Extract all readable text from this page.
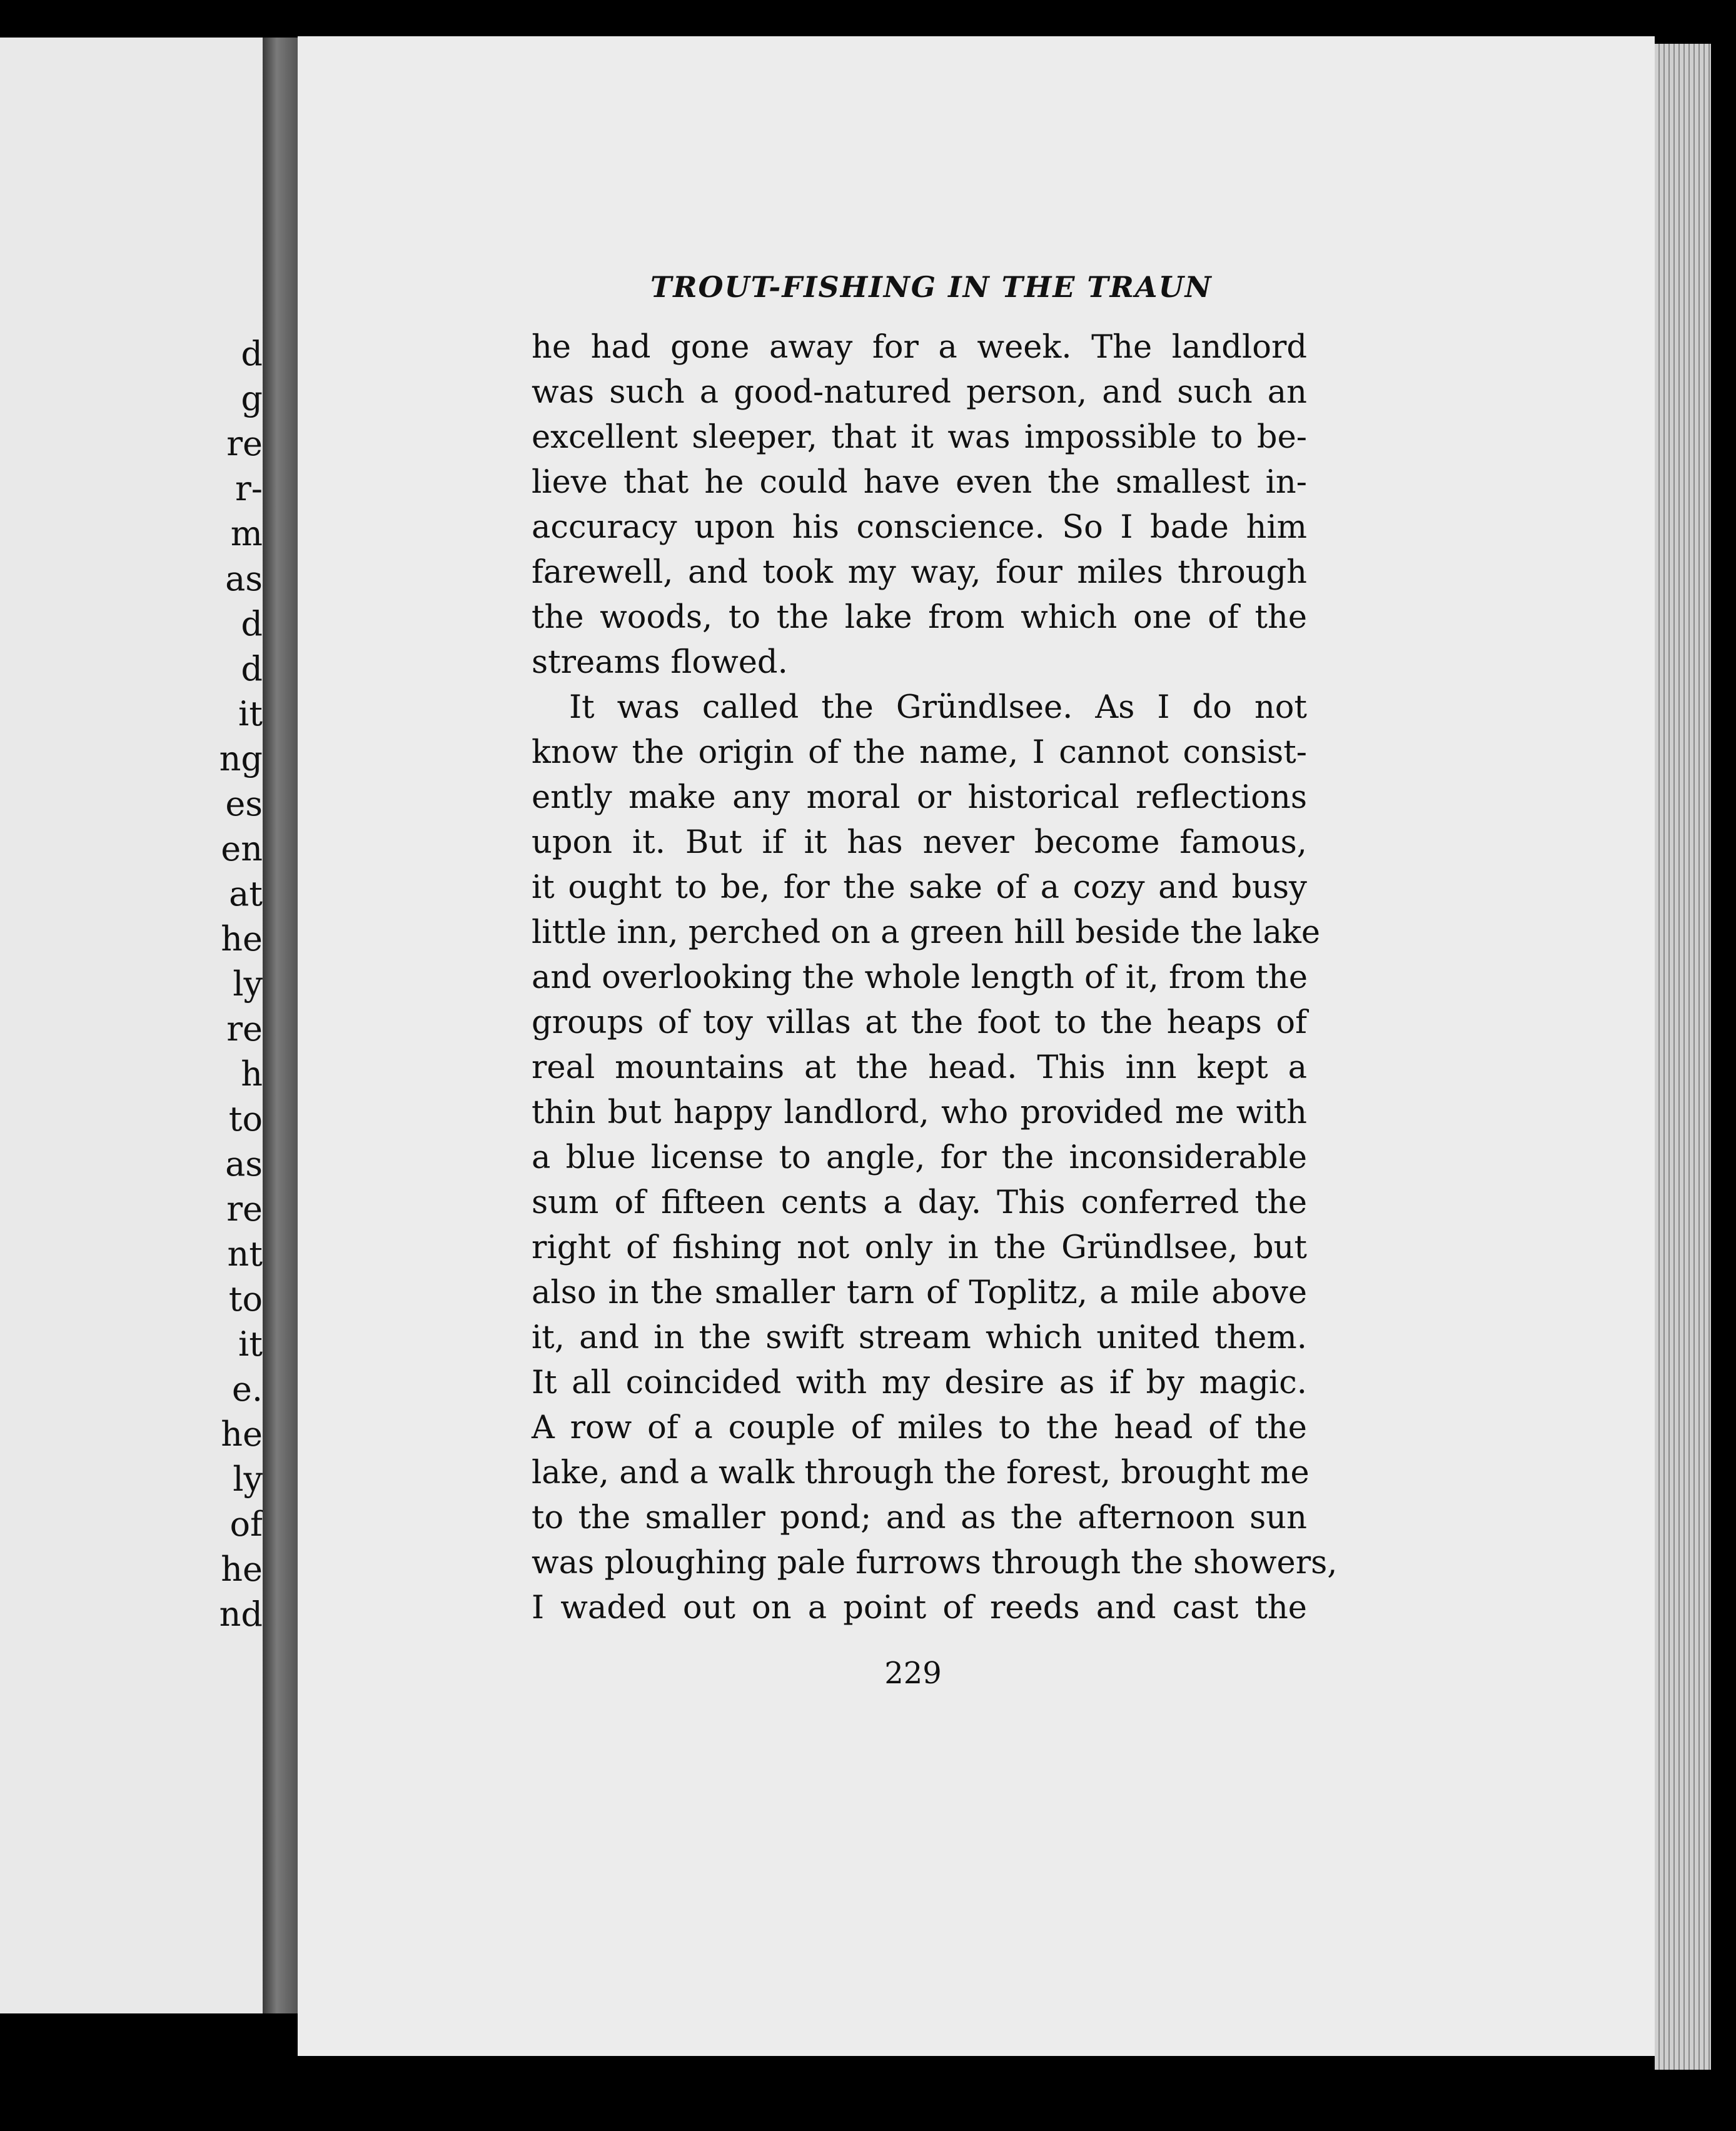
d
g
re
r-
m
as
d
d
it
ng
es
en
at
he
ly
re
h
to
as
re
nt
to
it
e.
he
ly
of
he
nd
TROUT-FISHING IN THE TRAUN
he had gone away for a week. The landlord
was such a good-natured person, and such an
excellent sleeper, that it was impossible to be-
lieve that he could have even the smallest in-
accuracy upon his conscience. So I bade him
farewell, and took my way, four miles through
the woods, to the lake from which one of the
streams flowed.
It was called the Gründlsee. As I do not
know the origin of the name, I cannot consist-
ently make any moral or historical reflections
upon it. But if it has never become famous,
it ought to be, for the sake of a cozy and busy
little inn, perched on a green hill beside the lake
and overlooking the whole length of it, from the
groups of toy villas at the foot to the heaps of
real mountains at the head. This inn kept a
thin but happy landlord, who provided me with
a blue license to angle, for the inconsiderable
sum of fifteen cents a day. This conferred the
right of fishing not only in the Gründlsee, but
also in the smaller tarn of Toplitz, a mile above
it, and in the swift stream which united them.
It all coincided with my desire as if by magic.
A row of a couple of miles to the head of the
lake, and a walk through the forest, brought me
to the smaller pond; and as the afternoon sun
was ploughing pale furrows through the showers,
I waded out on a point of reeds and cast the
229
